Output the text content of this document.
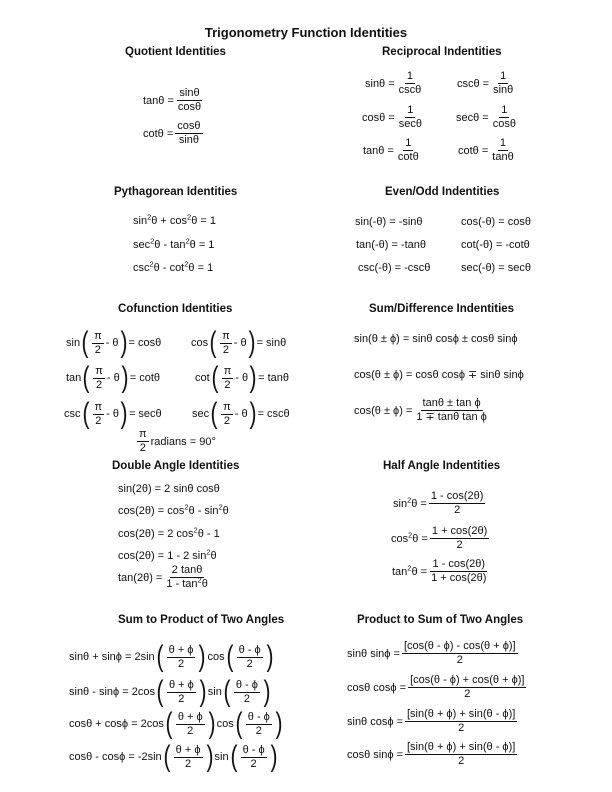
Trigonometry Function Identities
Quotient Identities	Reciprocal Indentities
Pythagorean Identities	Even/Odd Indentities
Cofunction Identities	Sum/Difference Indentities
Double Angle Identities	Half Angle Indentities
Sum to Product of Two Angles	Product to Sum of Two Angles
$\tan\theta = \frac{\sin\theta}{\cos\theta}$
$\cot\theta = \frac{\cos\theta}{\sin\theta}$
$\sin\theta = \frac{1}{\csc\theta}$	$\csc\theta = \frac{1}{\sin\theta}$
$\cos\theta = \frac{1}{\sec\theta}$	$\sec\theta = \frac{1}{\cos\theta}$
$\tan\theta = \frac{1}{\cot\theta}$	$\cot\theta = \frac{1}{\tan\theta}$
$\sin^2\theta + \cos^2\theta = 1$
$\sec^2\theta - \tan^2\theta = 1$
$\csc^2\theta - \cot^2\theta = 1$
sin(-θ) = -sinθ	cos(-θ) = cosθ
tan(-θ) = -tanθ	cot(-θ) = -cotθ
csc(-θ) = -cscθ	sec(-θ) = secθ
sin ( $\frac{\pi}{2}$ - θ ) = cosθ	cos ( $\frac{\pi}{2}$ - θ ) = sinθ
tan ( $\frac{\pi}{2}$ - θ ) = cotθ	cot ( $\frac{\pi}{2}$ - θ ) = tanθ
csc ( $\frac{\pi}{2}$ - θ ) = secθ	sec ( $\frac{\pi}{2}$ - θ ) = cscθ
$\frac{\pi}{2}$ radians = 90°
sin(θ ± ϕ) = sinθ cosϕ ± cosθ sinϕ
cos(θ ± ϕ) = cosθ cosϕ ∓ sinθ sinϕ
$\cos(\theta \pm \phi) = \frac{\text{tanθ ± tan ϕ}}{\text{1 ∓ tanθ tan ϕ}}$
sin(2θ) = 2 sinθ cosθ
$\cos(2\theta) = \cos^2\theta - \sin^2\theta$
cos(2θ) = 2 $\cos^2\theta - 1$
cos(2θ) = 1 - 2 $\sin^2\theta$
$\tan(2\theta) = \frac{2 \tan\theta}{1 - \tan^2\theta}$
$\sin^2\theta = \frac{1 - \cos(2\theta)}{2}$
$\cos^2\theta = \frac{1 + \cos(2\theta)}{2}$
$\tan^2\theta = \frac{1 - \cos(2\theta)}{1 + \cos(2\theta)}$
sinθ + sinϕ = 2sin ( $\frac{\theta + \phi}{2}$ ) cos ( $\frac{\theta - \phi}{2}$ )
sinθ - sinϕ = 2cos ( $\frac{\theta + \phi}{2}$ ) sin ( $\frac{\theta - \phi}{2}$ )
cosθ + cosϕ = 2cos ( $\frac{\theta + \phi}{2}$ ) cos ( $\frac{\theta - \phi}{2}$ )
cosθ - cosϕ = -2sin ( $\frac{\theta + \phi}{2}$ ) sin ( $\frac{\theta - \phi}{2}$ )
sinθ $\sin\phi = \frac{[\cos(\theta - \phi) - \cos(\theta + \phi)]}{2}$
cosθ $\cos\phi = \frac{[\cos(\theta - \phi) + \cos(\theta + \phi)]}{2}$
sinθ $\cos\phi = \frac{[\sin(\theta + \phi) + \sin(\theta - \phi)]}{2}$
cosθ $\sin\phi = \frac{[\sin(\theta + \phi) + \sin(\theta - \phi)]}{2}$
